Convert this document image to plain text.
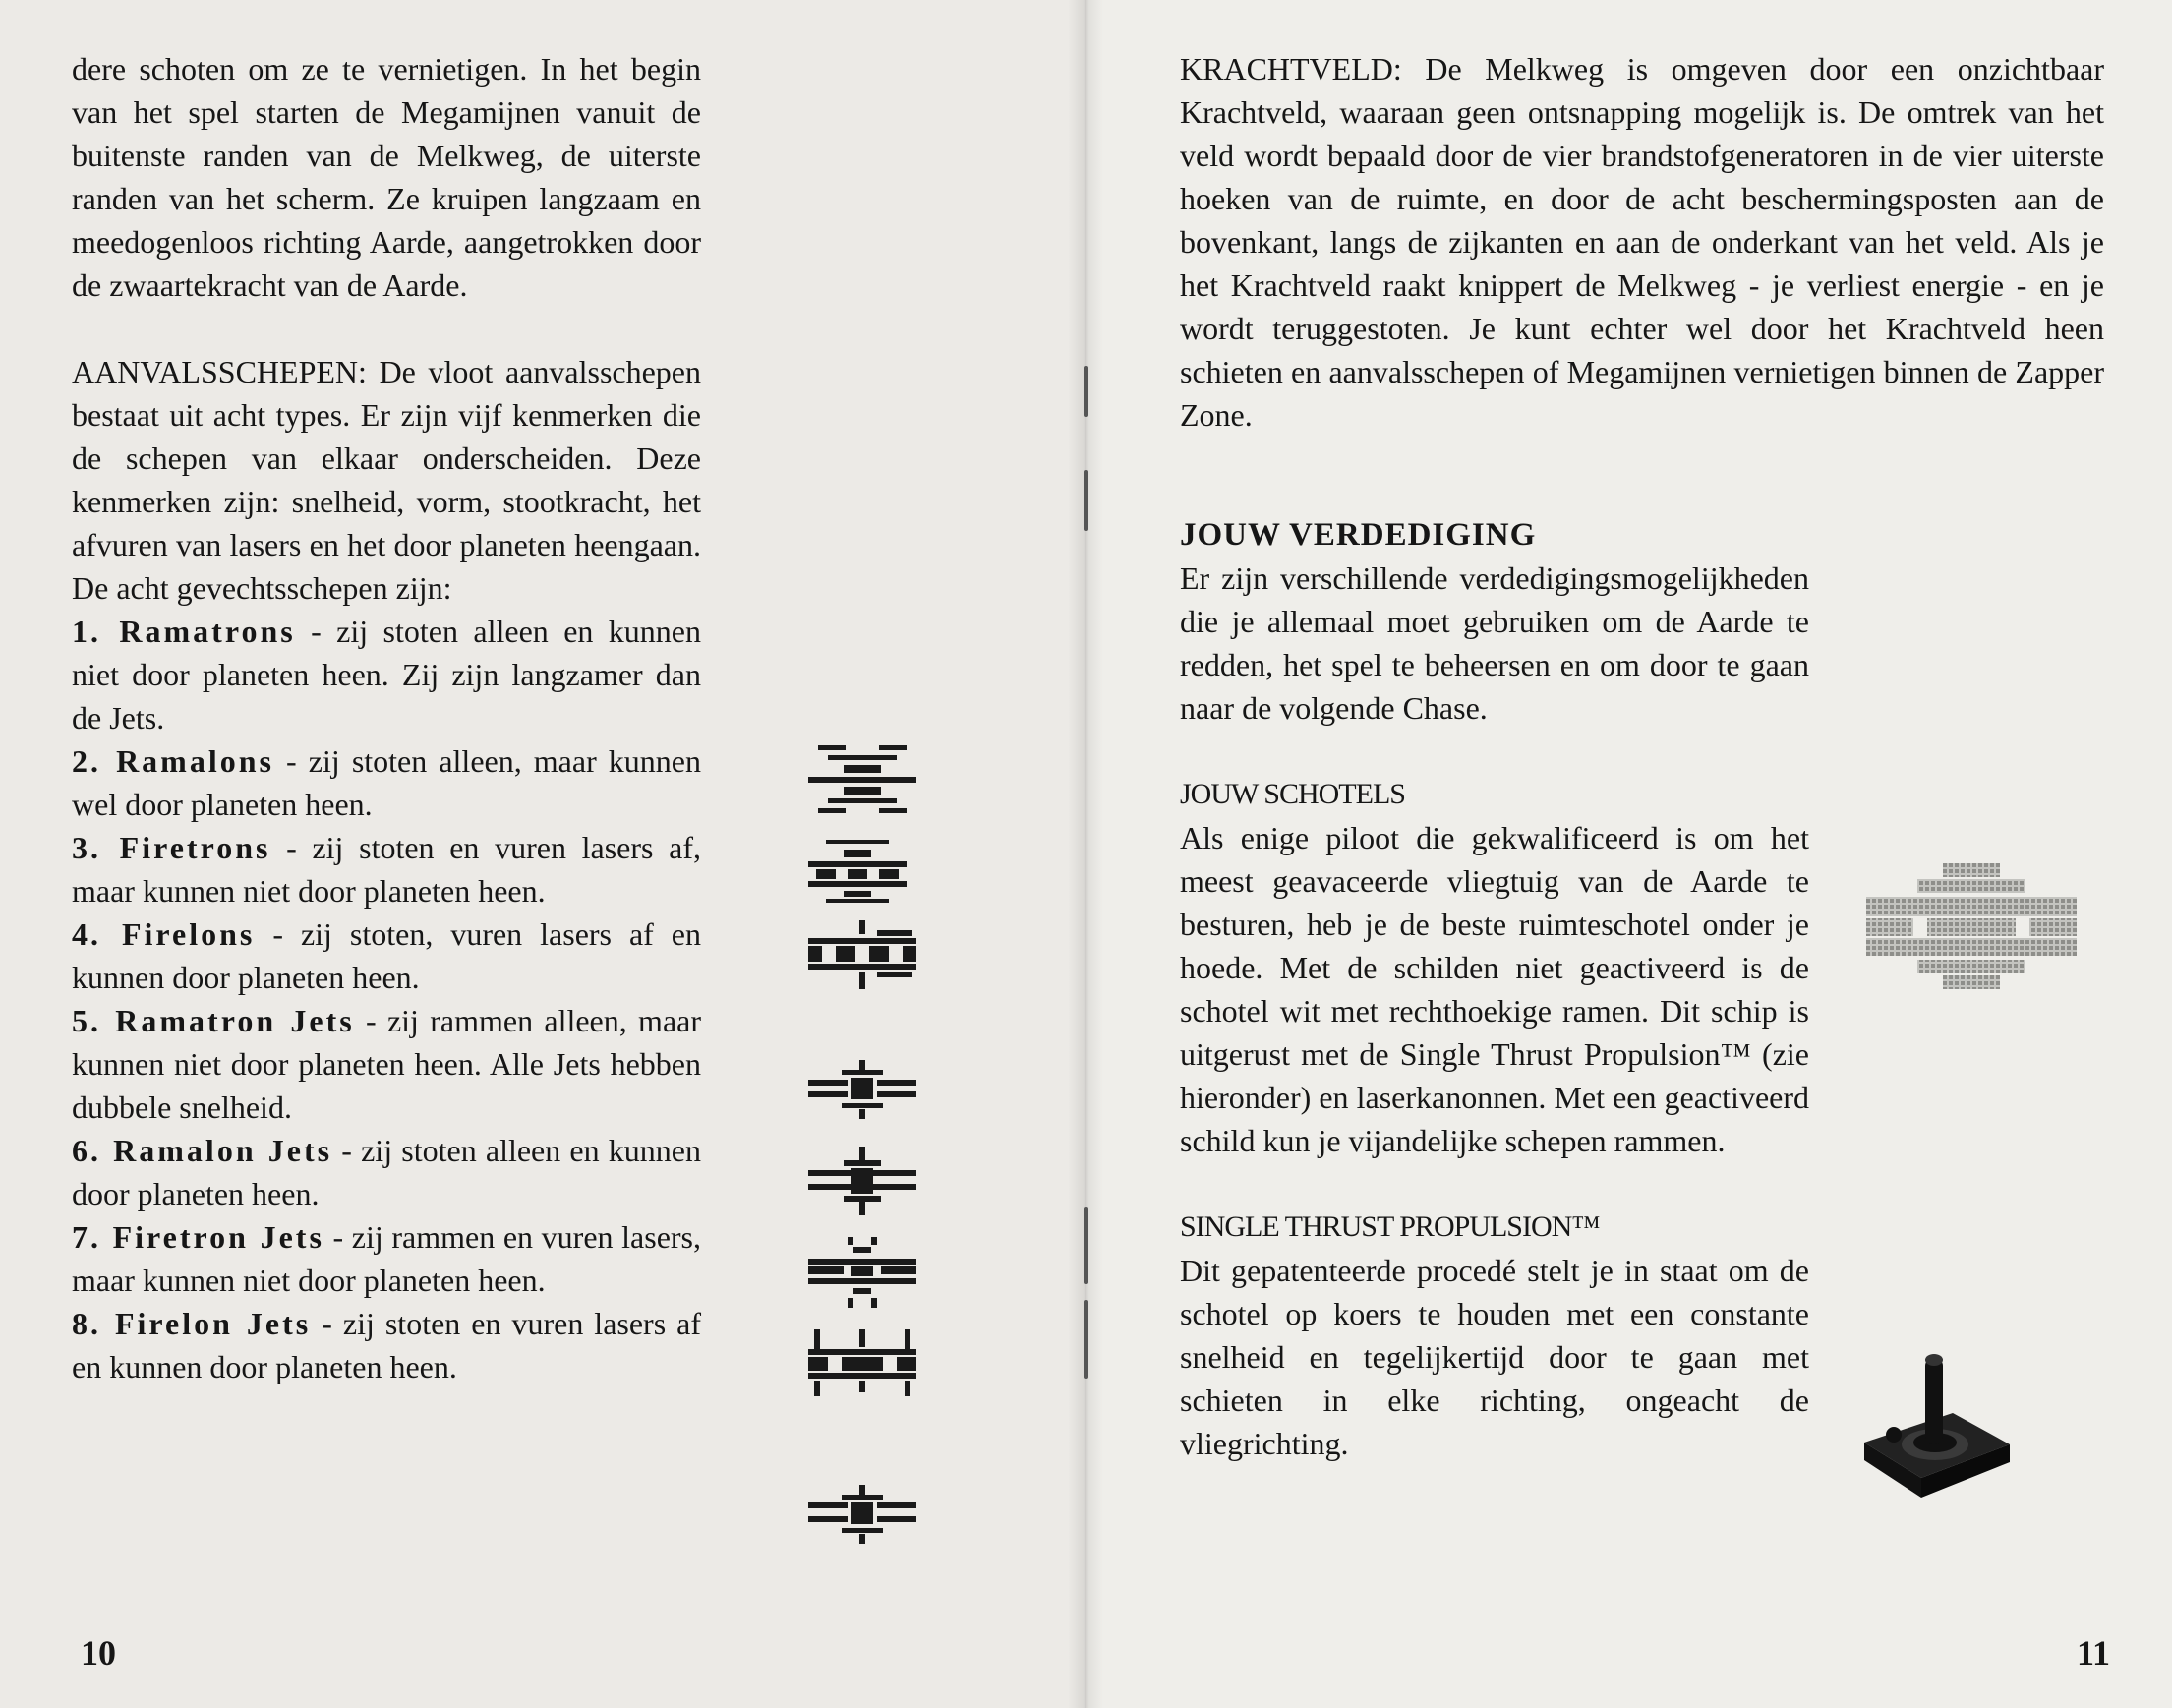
dere schoten om ze te vernietigen. In het begin van het spel starten de Megamijnen vanuit de buitenste randen van de Melkweg, de uiterste randen van het scherm. Ze kruipen langzaam en meedogenloos richting Aarde, aangetrokken door de zwaartekracht van de Aarde.

AANVALSSCHEPEN: De vloot aanvalsschepen bestaat uit acht types. Er zijn vijf kenmerken die de schepen van elkaar onderscheiden. Deze kenmerken zijn: snelheid, vorm, stootkracht, het afvuren van lasers en het door planeten heengaan. De acht gevechtsschepen zijn:

1. Ramatrons - zij stoten alleen en kunnen niet door planeten heen. Zij zijn langzamer dan de Jets.

2. Ramalons - zij stoten alleen, maar kunnen wel door planeten heen.

3. Firetrons - zij stoten en vuren lasers af, maar kunnen niet door planeten heen.

4. Firelons - zij stoten, vuren lasers af en kunnen door planeten heen.

5. Ramatron Jets - zij rammen alleen, maar kunnen niet door planeten heen. Alle Jets hebben dubbele snelheid.

6. Ramalon Jets - zij stoten alleen en kunnen door planeten heen.

7. Firetron Jets - zij rammen en vuren lasers, maar kunnen niet door planeten heen.

8. Firelon Jets - zij stoten en vuren lasers af en kunnen door planeten heen.

KRACHTVELD: De Melkweg is omgeven door een onzichtbaar Krachtveld, waaraan geen ontsnapping mogelijk is. De omtrek van het veld wordt bepaald door de vier brandstofgeneratoren in de vier uiterste hoeken van de ruimte, en door de acht beschermingsposten aan de bovenkant, langs de zijkanten en aan de onderkant van het veld. Als je het Krachtveld raakt knippert de Melkweg - je verliest energie - en je wordt teruggestoten. Je kunt echter wel door het Krachtveld heen schieten en aanvalsschepen of Megamijnen vernietigen binnen de Zapper Zone.

JOUW VERDEDIGING

Er zijn verschillende verdedigingsmogelijkheden die je allemaal moet gebruiken om de Aarde te redden, het spel te beheersen en om door te gaan naar de volgende Chase.

JOUW SCHOTELS

Als enige piloot die gekwalificeerd is om het meest geavaceerde vliegtuig van de Aarde te besturen, heb je de beste ruimteschotel onder je hoede. Met de schilden niet geactiveerd is de schotel wit met rechthoekige ramen. Dit schip is uitgerust met de Single Thrust Propulsion™ (zie hieronder) en laserkanonnen. Met een geactiveerd schild kun je vijandelijke schepen rammen.

SINGLE THRUST PROPULSION™

Dit gepatenteerde procedé stelt je in staat om de schotel op koers te houden met een constante snelheid en tegelijkertijd door te gaan met schieten in elke richting, ongeacht de vliegrichting.

10	11
